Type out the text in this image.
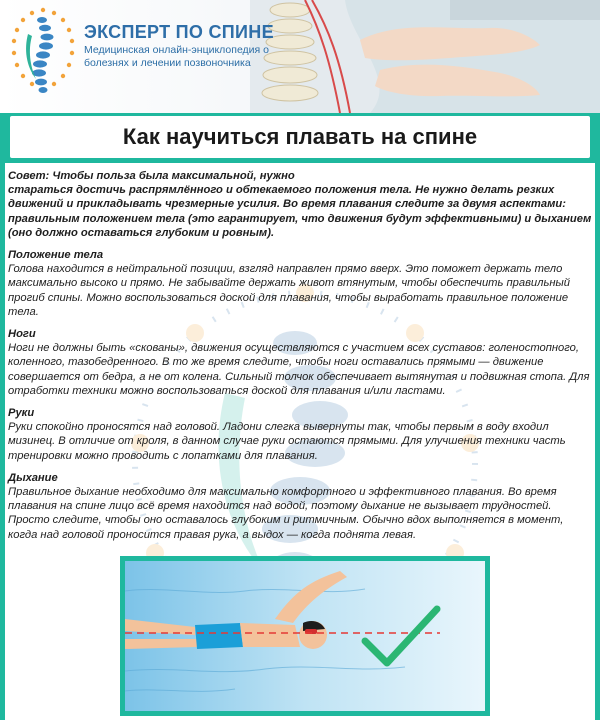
ЭКСПЕРТ ПО СПИНЕ
Медицинская онлайн-энциклопедия о болезнях и лечении позвоночника
Как научиться плавать на спине

Совет: Чтобы польза была максимальной, нужно

стараться достичь распрямлённого и обтекаемого положения тела. Не нужно делать резких движений и прикладывать чрезмерные усилия. Во время плавания следите за двумя аспектами: правильным положением тела (это гарантирует, что движения будут эффективными) и дыханием (оно должно оставаться глубоким и ровным).

Положение тела

Голова находится в нейтральной позиции, взгляд направлен прямо вверх. Это поможет держать тело максимально высоко и прямо. Не забывайте держать живот втянутым, чтобы обеспечить правильный прогиб спины. Можно воспользоваться доской для плавания, чтобы выработать правильное положение тела.

Ноги

Ноги не должны быть «скованы», движения осуществляются с участием всех суставов: голеностопного, коленного, тазобедренного. В то же время следите, чтобы ноги оставались прямыми — движение совершается от бедра, а не от колена. Сильный толчок обеспечивает вытянутая и подвижная стопа. Для отработки техники можно воспользоваться доской для плавания и/или ластами.

Руки

Руки спокойно проносятся над головой. Ладони слегка вывернуты так, чтобы первым в воду входил мизинец. В отличие от кроля, в данном случае руки остаются прямыми. Для улучшения техники часть тренировки можно проводить с лопатками для плавания.

Дыхание

Правильное дыхание необходимо для максимально комфортного и эффективного плавания. Во время плавания на спине лицо всё время находится над водой, поэтому дыхание не вызывает трудностей. Просто следите, чтобы оно оставалось глубоким и ритмичным. Обычно вдох выполняется в момент, когда над головой проносится правая рука, а выдох — когда поднята левая.
